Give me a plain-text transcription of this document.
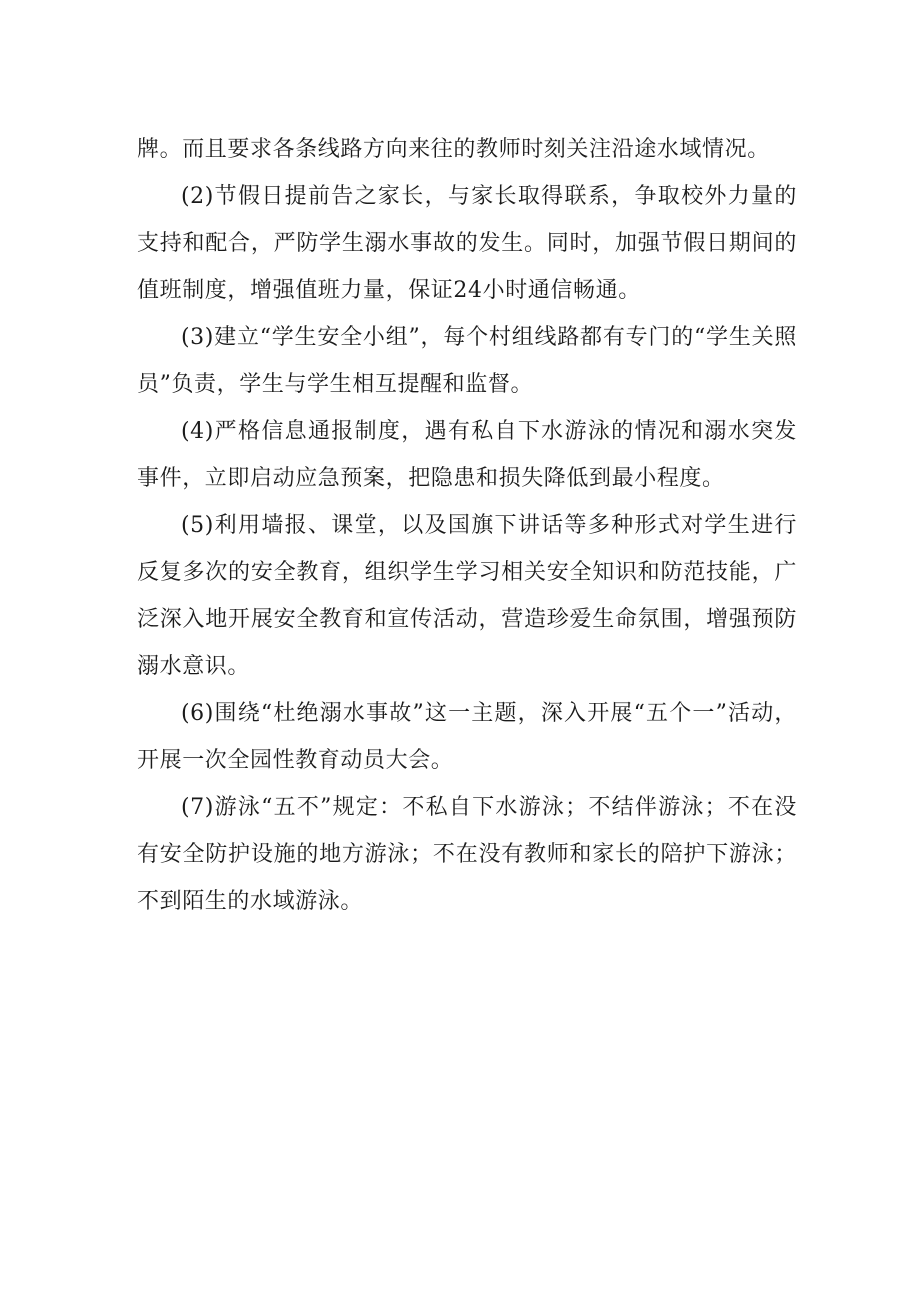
牌。而且要求各条线路方向来往的教师时刻关注沿途水域情况。

(2)节假日提前告之家长，与家长取得联系，争取校外力量的支持和配合，严防学生溺水事故的发生。同时，加强节假日期间的值班制度，增强值班力量，保证24小时通信畅通。

(3)建立“学生安全小组”，每个村组线路都有专门的“学生关照员”负责，学生与学生相互提醒和监督。

(4)严格信息通报制度，遇有私自下水游泳的情况和溺水突发事件，立即启动应急预案，把隐患和损失降低到最小程度。

(5)利用墙报、课堂，以及国旗下讲话等多种形式对学生进行反复多次的安全教育，组织学生学习相关安全知识和防范技能，广泛深入地开展安全教育和宣传活动，营造珍爱生命氛围，增强预防溺水意识。

(6)围绕“杜绝溺水事故”这一主题，深入开展“五个一”活动，开展一次全园性教育动员大会。

(7)游泳“五不”规定：不私自下水游泳；不结伴游泳；不在没有安全防护设施的地方游泳；不在没有教师和家长的陪护下游泳；不到陌生的水域游泳。
